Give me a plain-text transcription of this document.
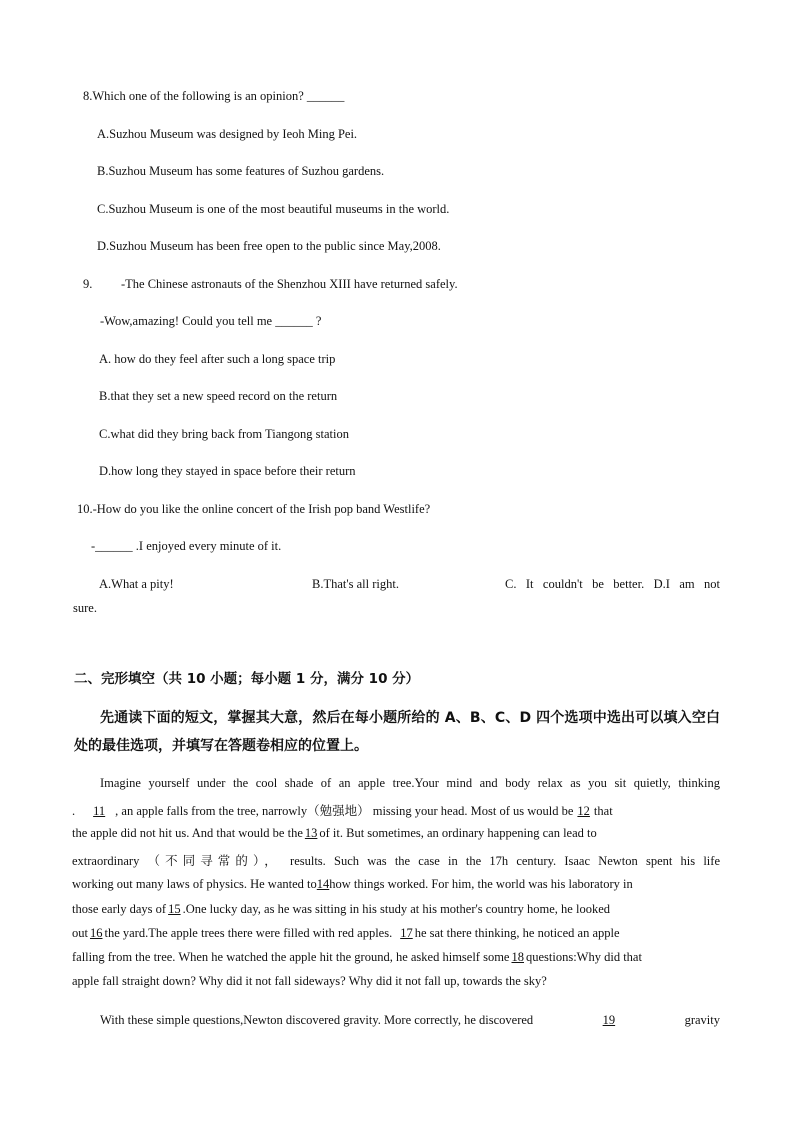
8.Which one of the following is an opinion? ______
A.Suzhou Museum was designed by Ieoh Ming Pei.
B.Suzhou Museum has some features of Suzhou gardens.
C.Suzhou Museum is one of the most beautiful museums in the world.
D.Suzhou Museum has been free open to the public since May,2008.
9. -The Chinese astronauts of the Shenzhou XIII have returned safely.
-Wow,amazing! Could you tell me ______ ?
A. how do they feel after such a long space trip
B.that they set a new speed record on the return
C.what did they bring back from Tiangong station
D.how long they stayed in space before their return
10.-How do you like the online concert of the Irish pop band Westlife?
-______ .I enjoyed every minute of it.
A.What a pity!	B.That's all right.	C. It couldn't be better. D.I am not
sure.
二、完形填空（共 10 小题；每小题 1 分，满分 10 分）
先通读下面的短文，掌握其大意，然后在每小题所给的 A、B、C、D 四个选项中选出可以填入空白
处的最佳选项，并填写在答题卷相应的位置上。
Imagine yourself under the cool shade of an apple tree.Your mind and body relax as you sit quietly, thinking
. 11 , an apple falls from the tree, narrowly（勉强地） missing your head. Most of us would be 12 that
the apple did not hit us. And that would be the 13 of it. But sometimes, an ordinary happening can lead to
extraordinary （不同寻常的）， results. Such was the case in the 17h century. Isaac Newton spent his life
working out many laws of physics. He wanted to14how things worked. For him, the world was his laboratory in
those early days of 15 .One lucky day, as he was sitting in his study at his mother's country home, he looked
out 16 the yard.The apple trees there were filled with red apples. 17 he sat there thinking, he noticed an apple
falling from the tree. When he watched the apple hit the ground, he asked himself some 18 questions:Why did that
apple fall straight down? Why did it not fall sideways? Why did it not fall up, towards the sky?
With these simple questions,Newton discovered gravity. More correctly, he discovered	19	gravity
